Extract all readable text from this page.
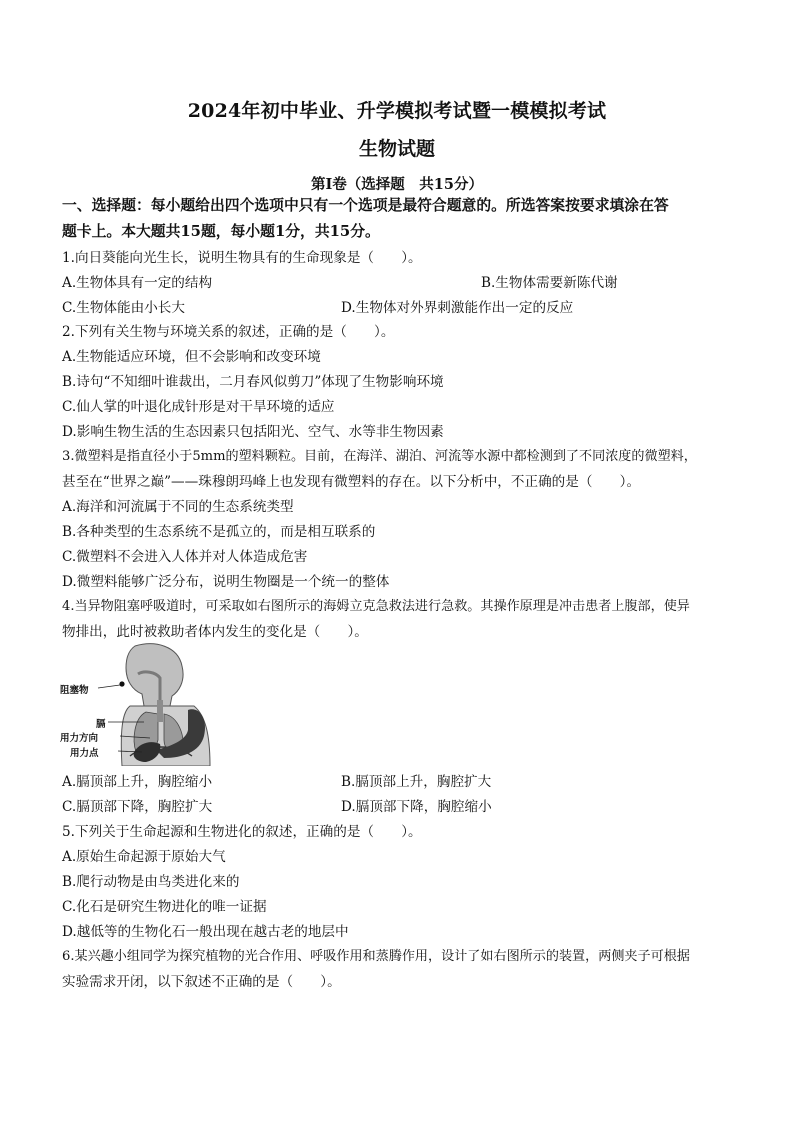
2024年初中毕业、升学模拟考试暨一模模拟考试
生物试题
第Ⅰ卷（选择题　共15分）
一、选择题：每小题给出四个选项中只有一个选项是最符合题意的。所选答案按要求填涂在答
题卡上。本大题共15题，每小题1分，共15分。
1.向日葵能向光生长，说明生物具有的生命现象是（　　）。
A.生物体具有一定的结构	B.生物体需要新陈代谢
C.生物体能由小长大	D.生物体对外界刺激能作出一定的反应
2.下列有关生物与环境关系的叙述，正确的是（　　）。
A.生物能适应环境，但不会影响和改变环境
B.诗句“不知细叶谁裁出，二月春风似剪刀”体现了生物影响环境
C.仙人掌的叶退化成针形是对干旱环境的适应
D.影响生物生活的生态因素只包括阳光、空气、水等非生物因素
3.微塑料是指直径小于5mm的塑料颗粒。目前，在海洋、湖泊、河流等水源中都检测到了不同浓度的微塑料，
甚至在“世界之巅”——珠穆朗玛峰上也发现有微塑料的存在。以下分析中，不正确的是（　　）。
A.海洋和河流属于不同的生态系统类型
B.各种类型的生态系统不是孤立的，而是相互联系的
C.微塑料不会进入人体并对人体造成危害
D.微塑料能够广泛分布，说明生物圈是一个统一的整体
4.当异物阻塞呼吸道时，可采取如右图所示的海姆立克急救法进行急救。其操作原理是冲击患者上腹部，使异
物排出，此时被救助者体内发生的变化是（　　）。
阻塞物
膈
用力方向
用力点
A.膈顶部上升，胸腔缩小	B.膈顶部上升，胸腔扩大
C.膈顶部下降，胸腔扩大	D.膈顶部下降，胸腔缩小
5.下列关于生命起源和生物进化的叙述，正确的是（　　）。
A.原始生命起源于原始大气
B.爬行动物是由鸟类进化来的
C.化石是研究生物进化的唯一证据
D.越低等的生物化石一般出现在越古老的地层中
6.某兴趣小组同学为探究植物的光合作用、呼吸作用和蒸腾作用，设计了如右图所示的装置，两侧夹子可根据
实验需求开闭，以下叙述不正确的是（　　）。
